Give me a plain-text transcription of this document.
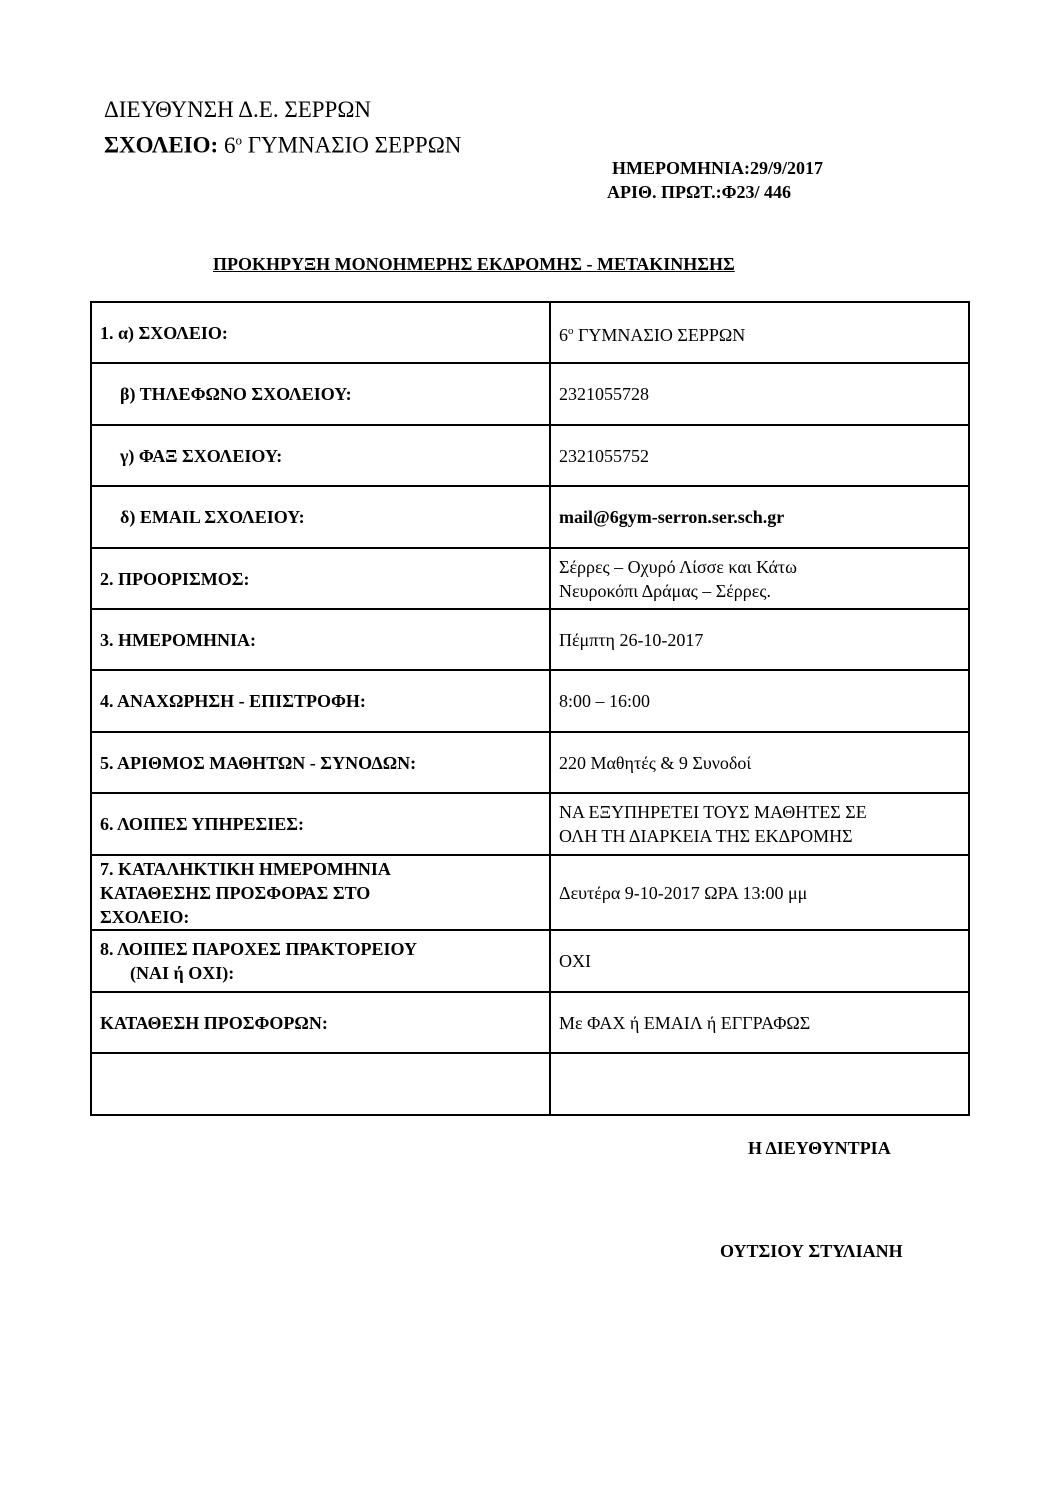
ΔΙΕΥΘΥΝΣΗ Δ.Ε. ΣΕΡΡΩΝ
ΣΧΟΛΕΙΟ: $6^o$ ΓΥΜΝΑΣΙΟ ΣΕΡΡΩΝ
ΗΜΕΡΟΜΗΝΙΑ:29/9/2017
ΑΡΙΘ. ΠΡΩΤ.:Φ23/ 446
ΠΡΟΚΗΡΥΞΗ ΜΟΝΟΗΜΕΡΗΣ ΕΚΔΡΟΜΗΣ - ΜΕΤΑΚΙΝΗΣΗΣ
1. α) ΣΧΟΛΕΙΟ:	$6^o$ ΓΥΜΝΑΣΙΟ ΣΕΡΡΩΝ
β) ΤΗΛΕΦΩΝΟ ΣΧΟΛΕΙΟΥ:	2321055728
γ) ΦΑΞ ΣΧΟΛΕΙΟΥ:	2321055752
δ) EMAIL ΣΧΟΛΕΙΟΥ:	mail@6gym-serron.ser.sch.gr
2. ΠΡΟΟΡΙΣΜΟΣ:	Σέρρες – Οχυρό Λίσσε και Κάτω
Νευροκόπι Δράμας – Σέρρες.
3. ΗΜΕΡΟΜΗΝΙΑ:	Πέμπτη 26-10-2017
4. ΑΝΑΧΩΡΗΣΗ - ΕΠΙΣΤΡΟΦΗ:	8:00 – 16:00
5. ΑΡΙΘΜΟΣ ΜΑΘΗΤΩΝ - ΣΥΝΟΔΩΝ:	220 Μαθητές & 9 Συνοδοί
6. ΛΟΙΠΕΣ ΥΠΗΡΕΣΙΕΣ:	ΝΑ ΕΞΥΠΗΡΕΤΕΙ ΤΟΥΣ ΜΑΘΗΤΕΣ ΣΕ
ΟΛΗ ΤΗ ΔΙΑΡΚΕΙΑ ΤΗΣ ΕΚΔΡΟΜΗΣ
7. ΚΑΤΑΛΗΚΤΙΚΗ ΗΜΕΡΟΜΗΝΙΑ
ΚΑΤΑΘΕΣΗΣ ΠΡΟΣΦΟΡΑΣ ΣΤΟ
ΣΧΟΛΕΙΟ:	Δευτέρα 9-10-2017 ΩΡΑ 13:00 μμ
8. ΛΟΙΠΕΣ ΠΑΡΟΧΕΣ ΠΡΑΚΤΟΡΕΙΟΥ
(ΝΑΙ ή ΟΧΙ):	ΟΧΙ
ΚΑΤΑΘΕΣΗ ΠΡΟΣΦΟΡΩΝ:	Με ΦΑΧ ή ΕΜΑΙΛ ή ΕΓΓΡΑΦΩΣ

Η ΔΙΕΥΘΥΝΤΡΙΑ
ΟΥΤΣΙΟΥ ΣΤΥΛΙΑΝΗ
